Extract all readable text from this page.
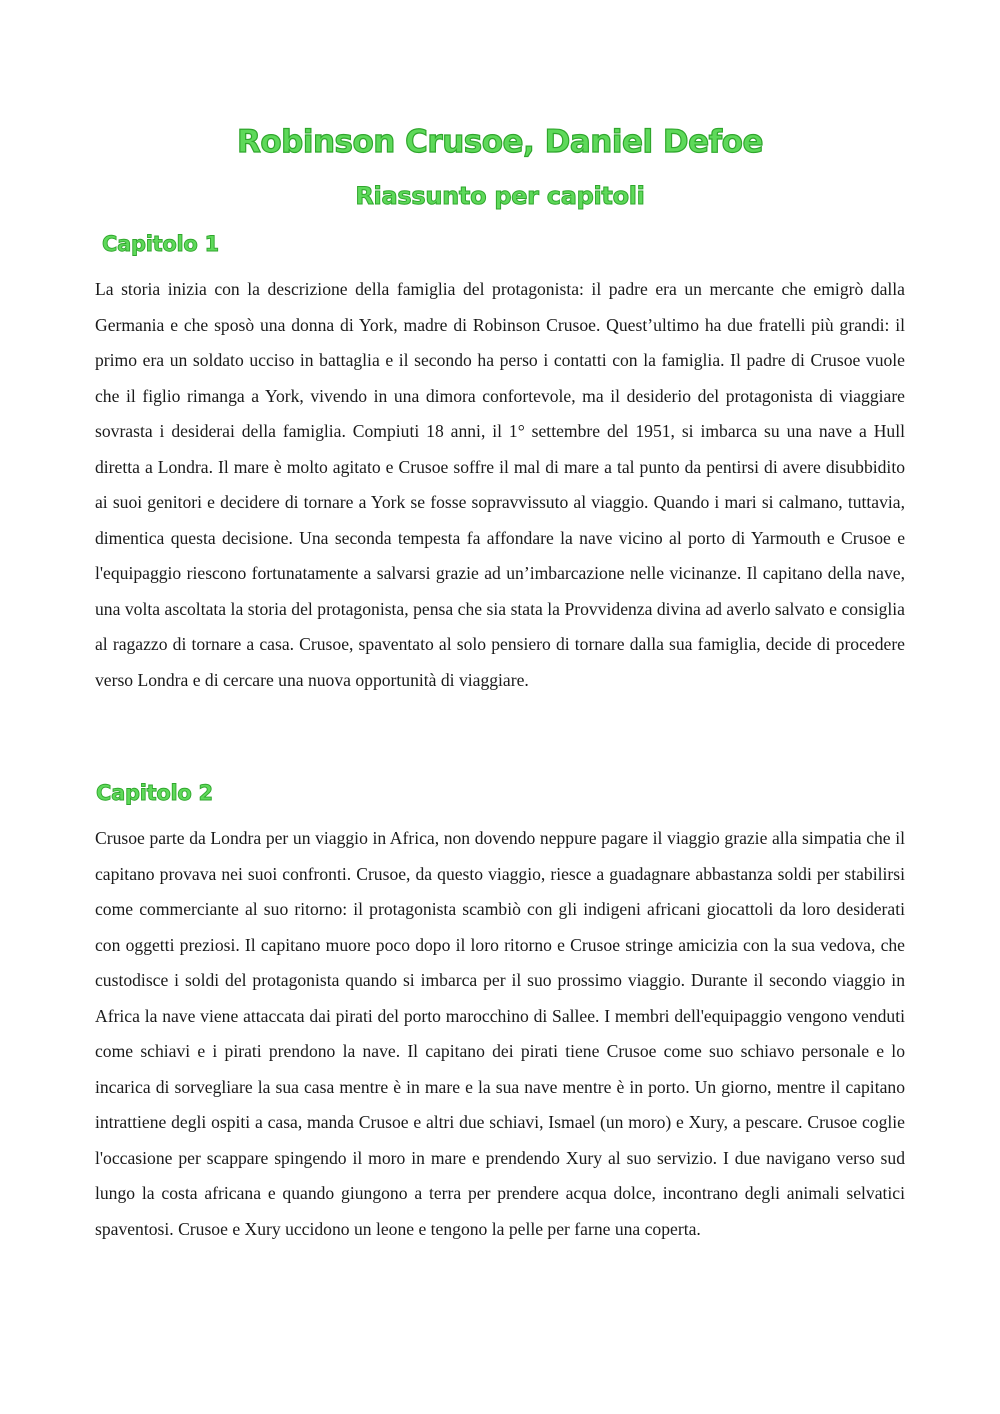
Robinson Crusoe, Daniel Defoe
Riassunto per capitoli
Capitolo 1

La storia inizia con la descrizione della famiglia del protagonista: il padre era un mercante che emigrò dalla Germania e che sposò una donna di York, madre di Robinson Crusoe. Quest’ultimo ha due fratelli più grandi: il primo era un soldato ucciso in battaglia e il secondo ha perso i contatti con la famiglia. Il padre di Crusoe vuole che il figlio rimanga a York, vivendo in una dimora confortevole, ma il desiderio del protagonista di viaggiare sovrasta i desiderai della famiglia. Compiuti 18 anni, il 1° settembre del 1951, si imbarca su una nave a Hull diretta a Londra. Il mare è molto agitato e Crusoe soffre il mal di mare a tal punto da pentirsi di avere disubbidito ai suoi genitori e decidere di tornare a York se fosse sopravvissuto al viaggio. Quando i mari si calmano, tuttavia, dimentica questa decisione. Una seconda tempesta fa affondare la nave vicino al porto di Yarmouth e Crusoe e l'equipaggio riescono fortunatamente a salvarsi grazie ad un’imbarcazione nelle vicinanze. Il capitano della nave, una volta ascoltata la storia del protagonista, pensa che sia stata la Provvidenza divina ad averlo salvato e consiglia al ragazzo di tornare a casa. Crusoe, spaventato al solo pensiero di tornare dalla sua famiglia, decide di procedere verso Londra e di cercare una nuova opportunità di viaggiare.

Capitolo 2

Crusoe parte da Londra per un viaggio in Africa, non dovendo neppure pagare il viaggio grazie alla simpatia che il capitano provava nei suoi confronti. Crusoe, da questo viaggio, riesce a guadagnare abbastanza soldi per stabilirsi come commerciante al suo ritorno: il protagonista scambiò con gli indigeni africani giocattoli da loro desiderati con oggetti preziosi. Il capitano muore poco dopo il loro ritorno e Crusoe stringe amicizia con la sua vedova, che custodisce i soldi del protagonista quando si imbarca per il suo prossimo viaggio. Durante il secondo viaggio in Africa la nave viene attaccata dai pirati del porto marocchino di Sallee. I membri dell'equipaggio vengono venduti come schiavi e i pirati prendono la nave. Il capitano dei pirati tiene Crusoe come suo schiavo personale e lo incarica di sorvegliare la sua casa mentre è in mare e la sua nave mentre è in porto. Un giorno, mentre il capitano intrattiene degli ospiti a casa, manda Crusoe e altri due schiavi, Ismael (un moro) e Xury, a pescare. Crusoe coglie l'occasione per scappare spingendo il moro in mare e prendendo Xury al suo servizio. I due navigano verso sud lungo la costa africana e quando giungono a terra per prendere acqua dolce, incontrano degli animali selvatici spaventosi. Crusoe e Xury uccidono un leone e tengono la pelle per farne una coperta.
